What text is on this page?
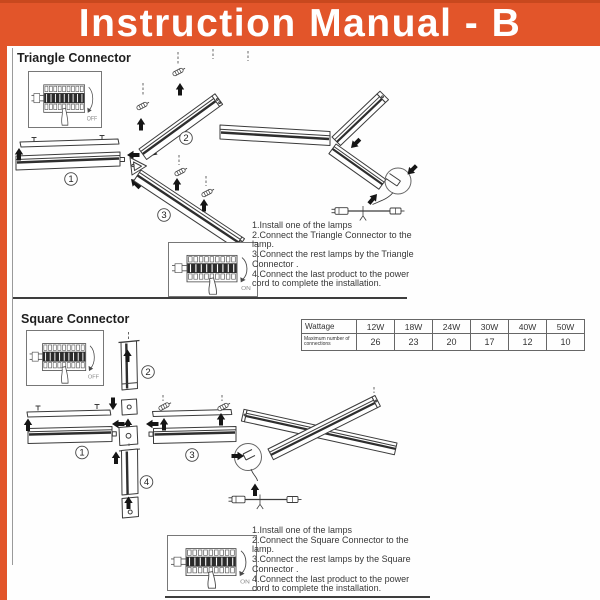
Instruction Manual - B
Triangle Connector
1
2
3
OFF
ON

1.Install one of the lamps

2.Connect the Triangle Connector to the lamp.

3.Connect the rest lamps by the Triangle Connector .

4.Connect the last product to the power cord to complete the installation.

Square Connector
Wattage	12W	18W	24W	30W	40W	50W
Maximum number of connections	26	23	20	17	12	10
1
2
3
4
OFF
ON

1.Install one of the lamps

2.Connect the Square Connector to the lamp.

3.Connect the rest lamps by the Square Connector .

4.Connect the last product to the power cord to complete the installation.
